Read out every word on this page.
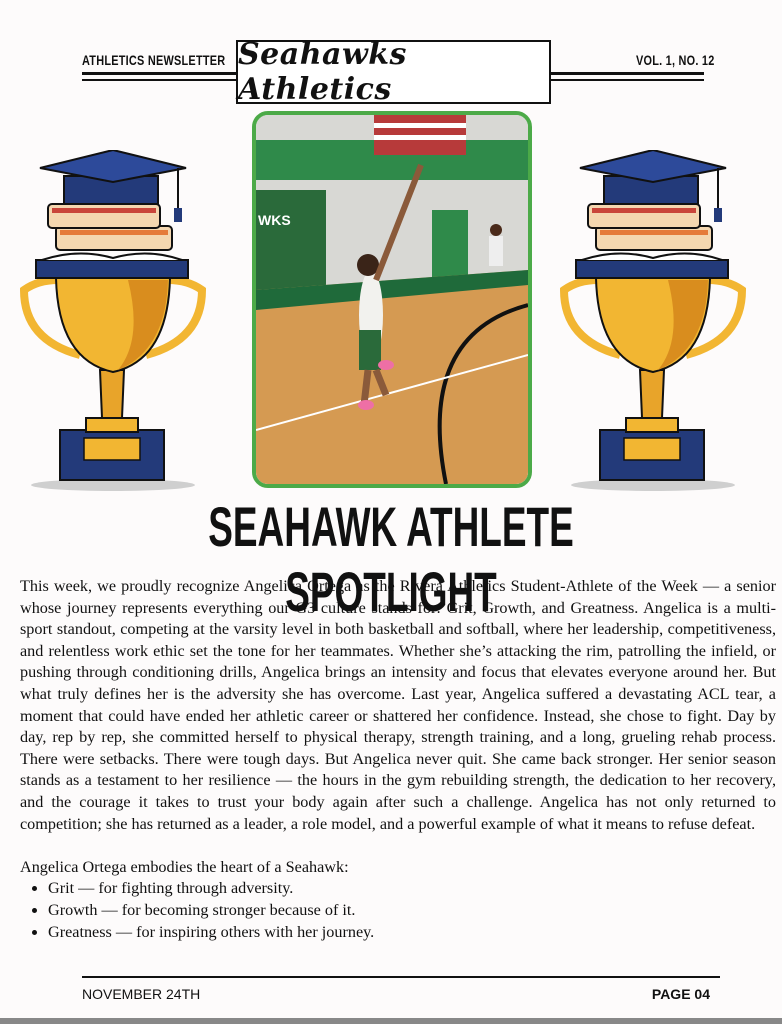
ATHLETICS NEWSLETTER	VOL. 1, NO. 12
Seahawks Athletics
WKS
SEAHAWK ATHLETE SPOTLIGHT

This week, we proudly recognize Angelica Ortega as the Rivera Athletics Student-Athlete of the Week — a senior whose journey represents everything our G3 culture stands for: Grit, Growth, and Greatness. Angelica is a multi-sport standout, competing at the varsity level in both basketball and softball, where her leadership, competitiveness, and relentless work ethic set the tone for her teammates. Whether she’s attacking the rim, patrolling the infield, or pushing through conditioning drills, Angelica brings an intensity and focus that elevates everyone around her. But what truly defines her is the adversity she has overcome. Last year, Angelica suffered a devastating ACL tear, a moment that could have ended her athletic career or shattered her confidence. Instead, she chose to fight. Day by day, rep by rep, she committed herself to physical therapy, strength training, and a long, grueling rehab process. There were setbacks. There were tough days. But Angelica never quit. She came back stronger. Her senior season stands as a testament to her resilience — the hours in the gym rebuilding strength, the dedication to her recovery, and the courage it takes to trust your body again after such a challenge. Angelica has not only returned to competition; she has returned as a leader, a role model, and a powerful example of what it means to refuse defeat.

Angelica Ortega embodies the heart of a Seahawk:

• Grit — for fighting through adversity.
• Growth — for becoming stronger because of it.
• Greatness — for inspiring others with her journey.
NOVEMBER 24TH	PAGE 04
